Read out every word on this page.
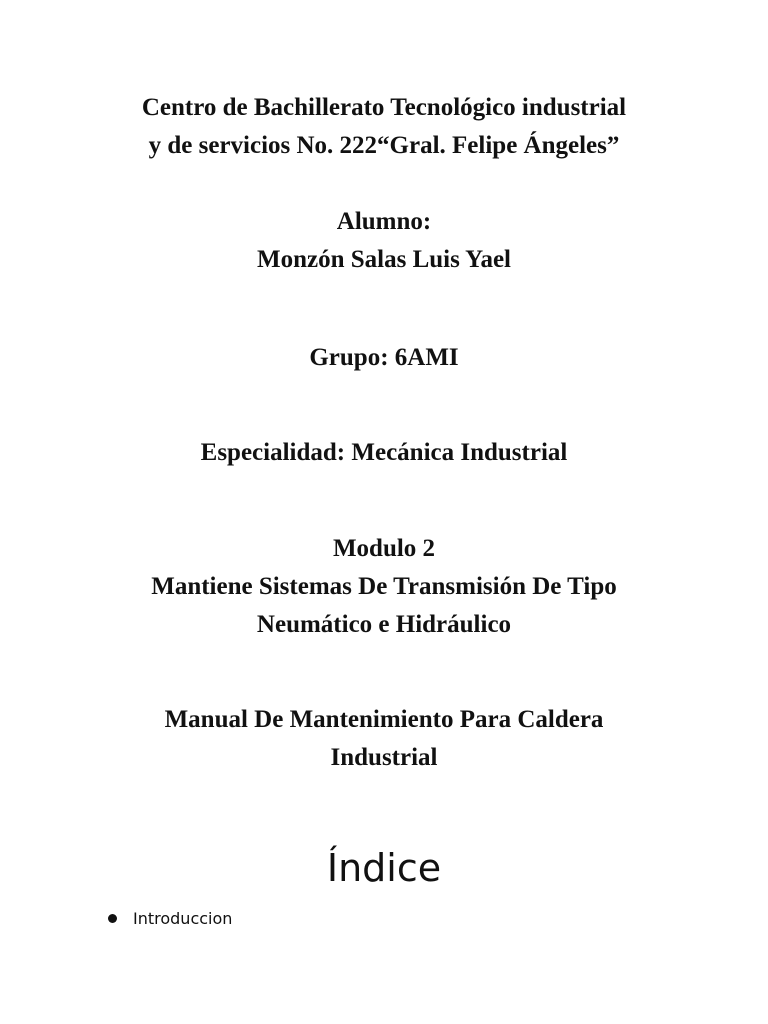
Centro de Bachillerato Tecnológico industrial
y de servicios No. 222“Gral. Felipe Ángeles”
Alumno:
Monzón Salas Luis Yael
Grupo: 6AMI
Especialidad: Mecánica Industrial
Modulo 2
Mantiene Sistemas De Transmisión De Tipo
Neumático e Hidráulico
Manual De Mantenimiento Para Caldera
Industrial
Índice
Introduccion
